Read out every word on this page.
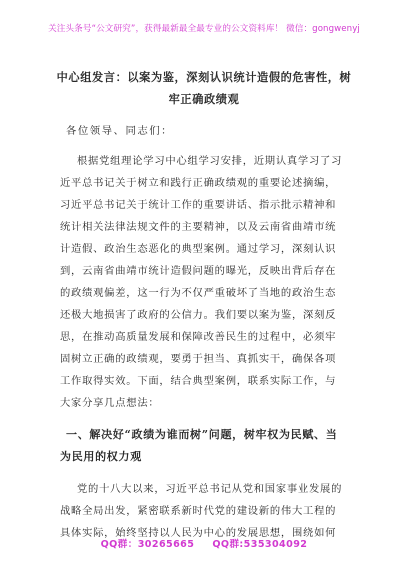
关注头条号“公文研究”，获得最新最全最专业的公文资料库！ 微信：gongwenyj
中心组发言：以案为鉴，深刻认识统计造假的危害性，树
牢正确政绩观
各位领导、同志们：
根据党组理论学习中心组学习安排，近期认真学习了习
近平总书记关于树立和践行正确政绩观的重要论述摘编，
习近平总书记关于统计工作的重要讲话、指示批示精神和
统计相关法律法规文件的主要精神，以及云南省曲靖市统
计造假、政治生态恶化的典型案例。通过学习，深刻认识
到，云南省曲靖市统计造假问题的曝光，反映出背后存在
的政绩观偏差，这一行为不仅严重破坏了当地的政治生态
还极大地损害了政府的公信力。我们要以案为鉴，深刻反
思，在推动高质量发展和保障改善民生的过程中，必须牢
固树立正确的政绩观，要勇于担当、真抓实干，确保各项
工作取得实效。下面，结合典型案例，联系实际工作，与
大家分享几点想法：
一、解决好“政绩为谁而树”问题，树牢权为民赋、当
为民用的权力观
党的十八大以来，习近平总书记从党和国家事业发展的
战略全局出发，紧密联系新时代党的建设新的伟大工程的
具体实际，始终坚持以人民为中心的发展思想，围绕如何
QQ群：30265665 QQ群:535304092
